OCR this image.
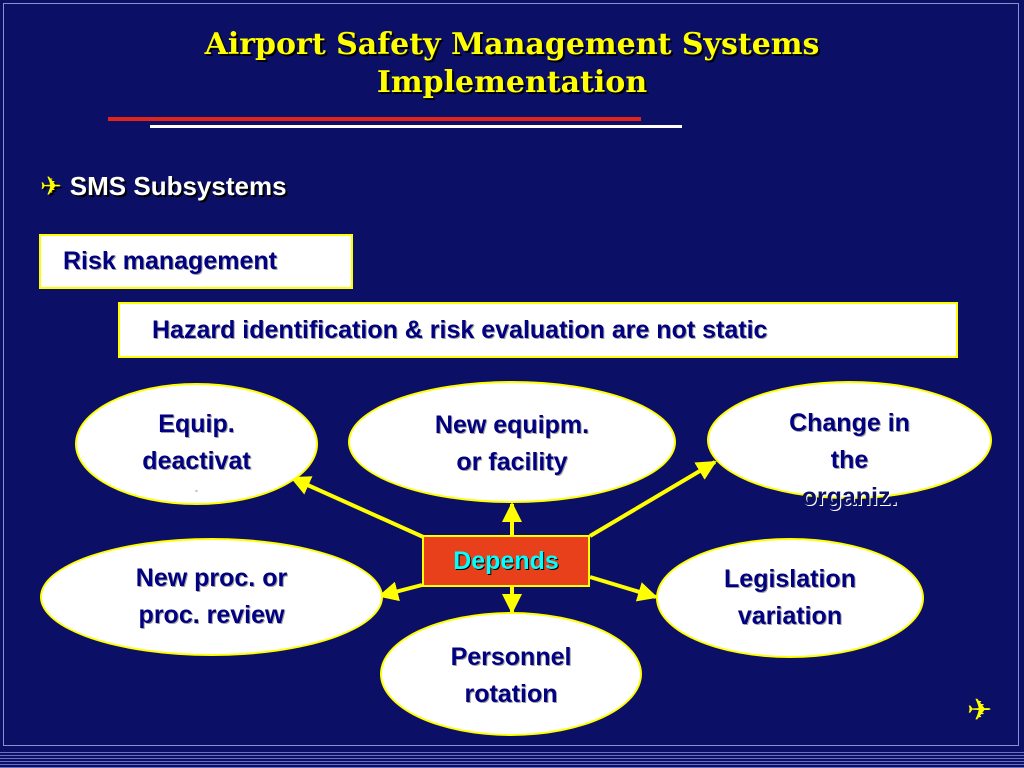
Airport Safety Management Systems
Implementation
✈ SMS Subsystems
Risk management
Hazard identification & risk evaluation are not static
Equip.
deactivat
.
New equipm.
or facility
Change in
the
organiz.
New proc. or
proc. review
Legislation
variation
Personnel
rotation
Depends
✈
